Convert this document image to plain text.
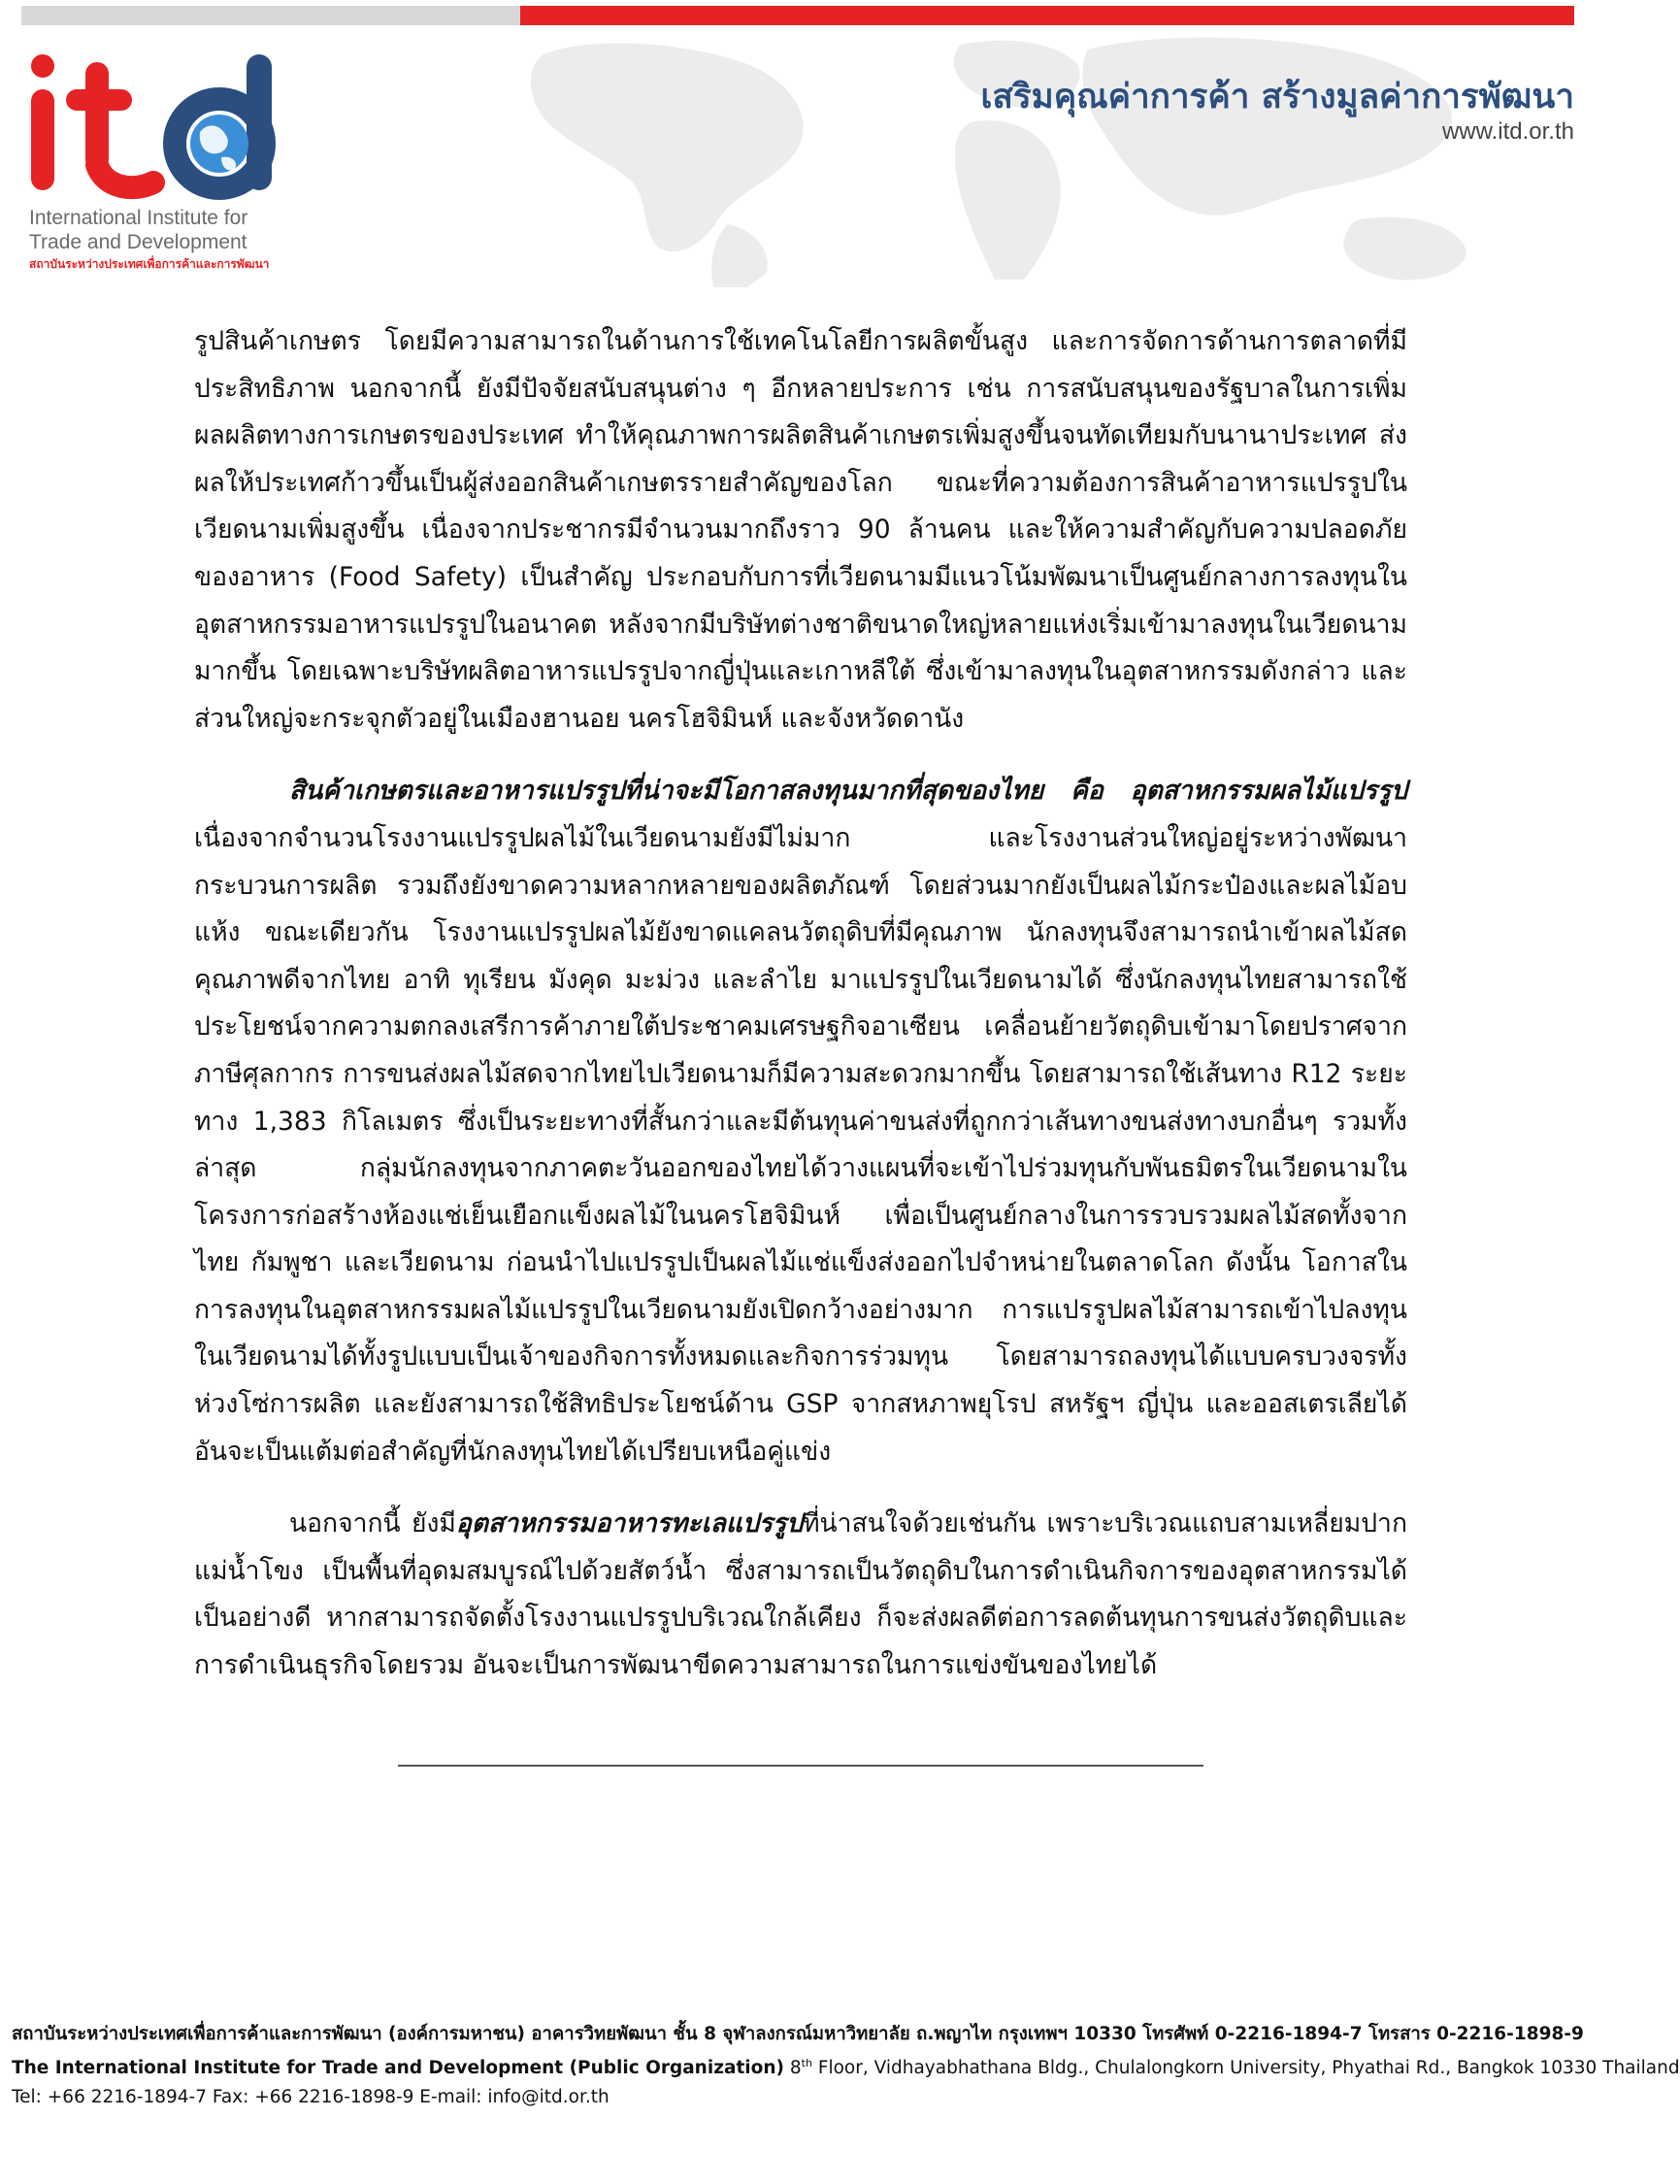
International Institute for
Trade and Development
สถาบันระหว่างประเทศเพื่อการค้าและการพัฒนา
เสริมคุณค่าการค้า สร้างมูลค่าการพัฒนา
www.itd.or.th

รูปสินค้าเกษตร โดยมีความสามารถในด้านการใช้เทคโนโลยีการผลิตขั้นสูง และการจัดการด้านการตลาดที่มีประสิทธิภาพ นอกจากนี้ ยังมีปัจจัยสนับสนุนต่าง ๆ อีกหลายประการ เช่น การสนับสนุนของรัฐบาลในการเพิ่มผลผลิตทางการเกษตรของประเทศ ทำให้คุณภาพการผลิตสินค้าเกษตรเพิ่มสูงขึ้นจนทัดเทียมกับนานาประเทศ ส่งผลให้ประเทศก้าวขึ้นเป็นผู้ส่งออกสินค้าเกษตรรายสำคัญของโลก ขณะที่ความต้องการสินค้าอาหารแปรรูปในเวียดนามเพิ่มสูงขึ้น เนื่องจากประชากรมีจำนวนมากถึงราว 90 ล้านคน และให้ความสำคัญกับความปลอดภัยของอาหาร (Food Safety) เป็นสำคัญ ประกอบกับการที่เวียดนามมีแนวโน้มพัฒนาเป็นศูนย์กลางการลงทุนในอุตสาหกรรมอาหารแปรรูปในอนาคต หลังจากมีบริษัทต่างชาติขนาดใหญ่หลายแห่งเริ่มเข้ามาลงทุนในเวียดนามมากขึ้น โดยเฉพาะบริษัทผลิตอาหารแปรรูปจากญี่ปุ่นและเกาหลีใต้ ซึ่งเข้ามาลงทุนในอุตสาหกรรมดังกล่าว และส่วนใหญ่จะกระจุกตัวอยู่ในเมืองฮานอย นครโฮจิมินห์ และจังหวัดดานัง

สินค้าเกษตรและอาหารแปรรูปที่น่าจะมีโอกาสลงทุนมากที่สุดของไทย คือ อุตสาหกรรมผลไม้แปรรูป เนื่องจากจำนวนโรงงานแปรรูปผลไม้ในเวียดนามยังมีไม่มาก และโรงงานส่วนใหญ่อยู่ระหว่างพัฒนากระบวนการผลิต รวมถึงยังขาดความหลากหลายของผลิตภัณฑ์ โดยส่วนมากยังเป็นผลไม้กระป๋องและผลไม้อบแห้ง ขณะเดียวกัน โรงงานแปรรูปผลไม้ยังขาดแคลนวัตถุดิบที่มีคุณภาพ นักลงทุนจึงสามารถนำเข้าผลไม้สดคุณภาพดีจากไทย อาทิ ทุเรียน มังคุด มะม่วง และลำไย มาแปรรูปในเวียดนามได้ ซึ่งนักลงทุนไทยสามารถใช้ประโยชน์จากความตกลงเสรีการค้าภายใต้ประชาคมเศรษฐกิจอาเซียน เคลื่อนย้ายวัตถุดิบเข้ามาโดยปราศจากภาษีศุลกากร การขนส่งผลไม้สดจากไทยไปเวียดนามก็มีความสะดวกมากขึ้น โดยสามารถใช้เส้นทาง R12 ระยะทาง 1,383 กิโลเมตร ซึ่งเป็นระยะทางที่สั้นกว่าและมีต้นทุนค่าขนส่งที่ถูกกว่าเส้นทางขนส่งทางบกอื่นๆ รวมทั้งล่าสุด กลุ่มนักลงทุนจากภาคตะวันออกของไทยได้วางแผนที่จะเข้าไปร่วมทุนกับพันธมิตรในเวียดนามในโครงการก่อสร้างห้องแช่เย็นเยือกแข็งผลไม้ในนครโฮจิมินห์ เพื่อเป็นศูนย์กลางในการรวบรวมผลไม้สดทั้งจากไทย กัมพูชา และเวียดนาม ก่อนนำไปแปรรูปเป็นผลไม้แช่แข็งส่งออกไปจำหน่ายในตลาดโลก ดังนั้น โอกาสในการลงทุนในอุตสาหกรรมผลไม้แปรรูปในเวียดนามยังเปิดกว้างอย่างมาก การแปรรูปผลไม้สามารถเข้าไปลงทุนในเวียดนามได้ทั้งรูปแบบเป็นเจ้าของกิจการทั้งหมดและกิจการร่วมทุน โดยสามารถลงทุนได้แบบครบวงจรทั้งห่วงโซ่การผลิต และยังสามารถใช้สิทธิประโยชน์ด้าน GSP จากสหภาพยุโรป สหรัฐฯ ญี่ปุ่น และออสเตรเลียได้ อันจะเป็นแต้มต่อสำคัญที่นักลงทุนไทยได้เปรียบเหนือคู่แข่ง

นอกจากนี้ ยังมีอุตสาหกรรมอาหารทะเลแปรรูปที่น่าสนใจด้วยเช่นกัน เพราะบริเวณแถบสามเหลี่ยมปากแม่น้ำโขง เป็นพื้นที่อุดมสมบูรณ์ไปด้วยสัตว์น้ำ ซึ่งสามารถเป็นวัตถุดิบในการดำเนินกิจการของอุตสาหกรรมได้เป็นอย่างดี หากสามารถจัดตั้งโรงงานแปรรูปบริเวณใกล้เคียง ก็จะส่งผลดีต่อการลดต้นทุนการขนส่งวัตถุดิบและการดำเนินธุรกิจโดยรวม อันจะเป็นการพัฒนาขีดความสามารถในการแข่งขันของไทยได้

สถาบันระหว่างประเทศเพื่อการค้าและการพัฒนา (องค์การมหาชน) อาคารวิทยพัฒนา ชั้น 8 จุฬาลงกรณ์มหาวิทยาลัย ถ.พญาไท กรุงเทพฯ 10330 โทรศัพท์ 0-2216-1894-7 โทรสาร 0-2216-1898-9
The International Institute for Trade and Development (Public Organization) 8th Floor, Vidhayabhathana Bldg., Chulalongkorn University, Phyathai Rd., Bangkok 10330 Thailand
Tel: +66 2216-1894-7 Fax: +66 2216-1898-9 E-mail: info@itd.or.th
